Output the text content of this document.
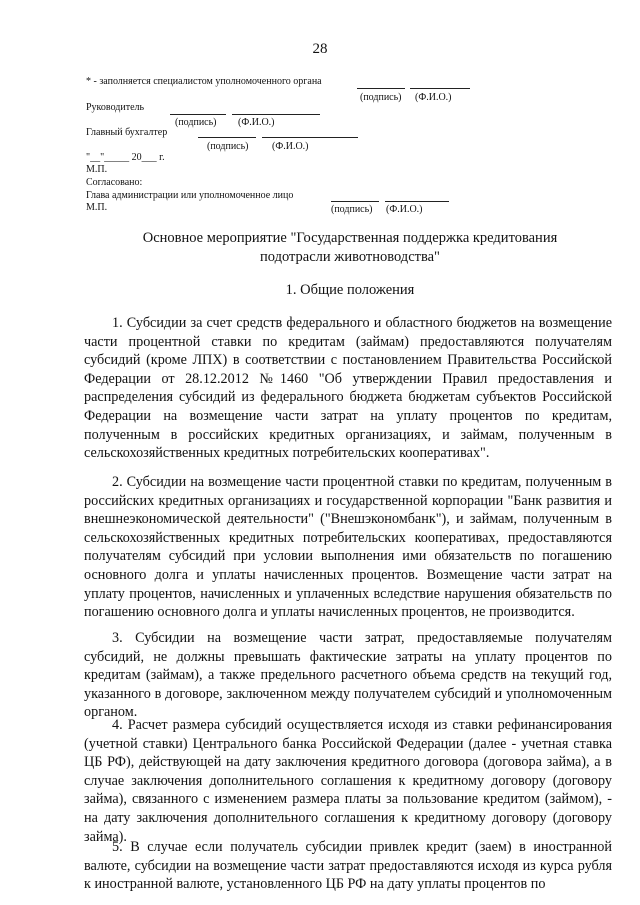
28
* - заполняется специалистом уполномоченного органа
(подпись) (Ф.И.О.)
Руководитель
(подпись) (Ф.И.О.)
Главный бухгалтер
(подпись) (Ф.И.О.)
"__"_____ 20___ г.
М.П.
Согласовано:
Глава администрации или уполномоченное лицо
М.П.	(подпись) (Ф.И.О.)
Основное мероприятие "Государственная поддержка кредитования
подотрасли животноводства"
1. Общие положения

1. Субсидии за счет средств федерального и областного бюджетов на возмещение части процентной ставки по кредитам (займам) предоставляются получателям субсидий (кроме ЛПХ) в соответствии с постановлением Правительства Российской Федерации от 28.12.2012 №1460 "Об утверждении Правил предоставления и распределения субсидий из федерального бюджета бюджетам субъектов Российской Федерации на возмещение части затрат на уплату процентов по кредитам, полученным в российских кредитных организациях, и займам, полученным в сельскохозяйственных кредитных потребительских кооперативах".

2. Субсидии на возмещение части процентной ставки по кредитам, полученным в российских кредитных организациях и государственной корпорации "Банк развития и внешнеэкономической деятельности" ("Внешэкономбанк"), и займам, полученным в сельскохозяйственных кредитных потребительских кооперативах, предоставляются получателям субсидий при условии выполнения ими обязательств по погашению основного долга и уплаты начисленных процентов. Возмещение части затрат на уплату процентов, начисленных и уплаченных вследствие нарушения обязательств по погашению основного долга и уплаты начисленных процентов, не производится.

3. Субсидии на возмещение части затрат, предоставляемые получателям субсидий, не должны превышать фактические затраты на уплату процентов по кредитам (займам), а также предельного расчетного объема средств на текущий год, указанного в договоре, заключенном между получателем субсидий и уполномоченным органом.

4. Расчет размера субсидий осуществляется исходя из ставки рефинансирования (учетной ставки) Центрального банка Российской Федерации (далее - учетная ставка ЦБ РФ), действующей на дату заключения кредитного договора (договора займа), а в случае заключения дополнительного соглашения к кредитному договору (договору займа), связанного с изменением размера платы за пользование кредитом (займом), - на дату заключения дополнительного соглашения к кредитному договору (договору займа).

5. В случае если получатель субсидии привлек кредит (заем) в иностранной валюте, субсидии на возмещение части затрат предоставляются исходя из курса рубля к иностранной валюте, установленного ЦБ РФ на дату уплаты процентов по
